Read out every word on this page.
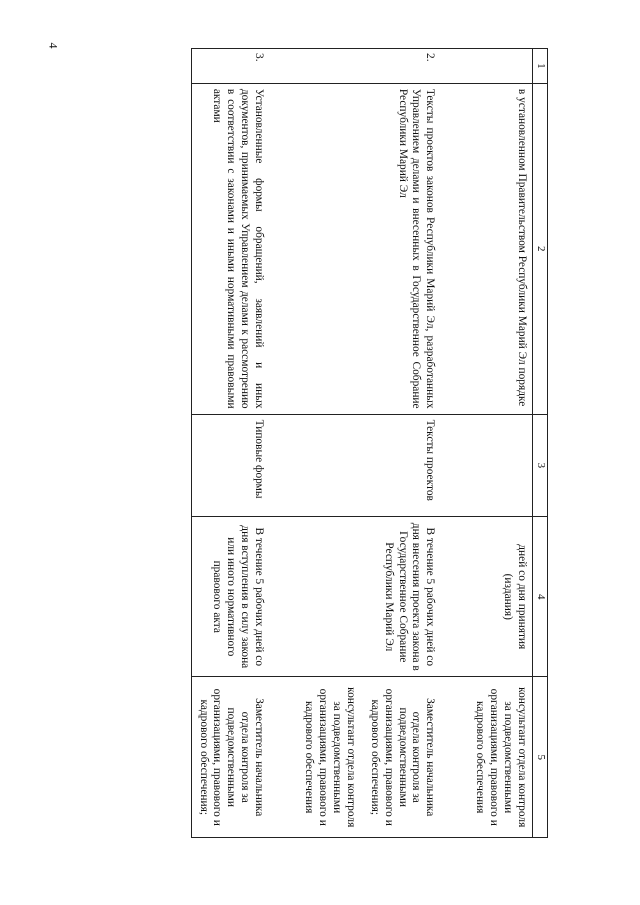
4
1	2	3	4	5
	в установленном Правительством Республики Марий Эл порядке		дней со дня принятия (издания)	консультант отдела контроля за подведомственными организациями, правового и кадрового обеспечения

2.	Тексты проектов законов Республики Марий Эл, разработанных Управлением делами и внесенных в Государственное Собрание Республики Марий Эл	Тексты проектов	В течение 5 рабочих дней со дня внесения проекта закона в Государственное Собрание Республики Марий Эл	Заместитель начальника отдела контроля за подведомственными организациями, правового и кадрового обеспечения;
консультант отдела контроля за подведомственными организациями, правового и кадрового обеспечения

3.	Установленные формы обращений, заявлений и иных документов, принимаемых Управлением делами к рассмотрению в соответствии с законами и иными нормативными правовыми актами	Типовые формы	В течение 5 рабочих дней со дня вступления в силу закона или иного нормативного правового акта	Заместитель начальника отдела контроля за подведомственными организациями, правового и кадрового обеспечения;
